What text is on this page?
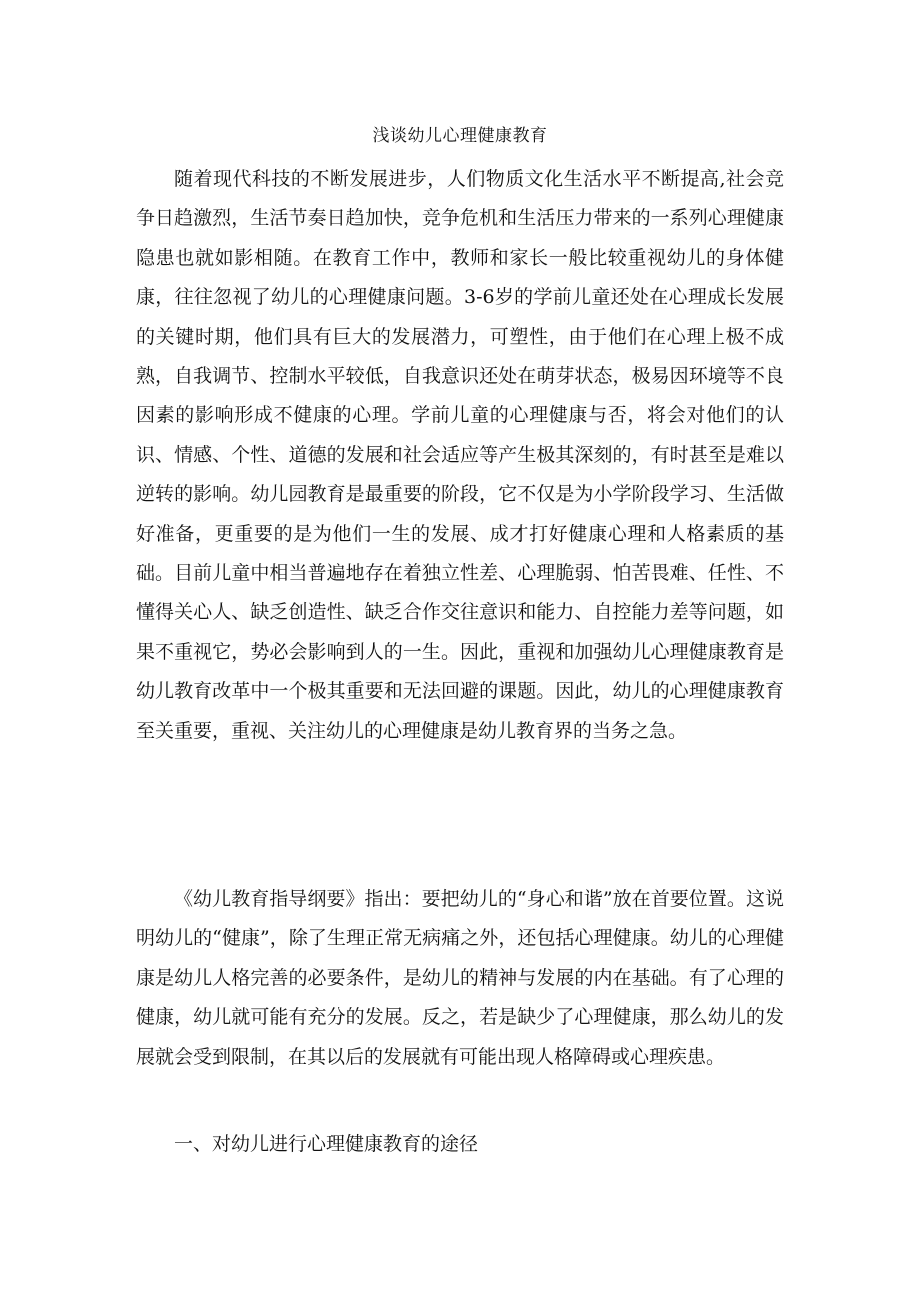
浅谈幼儿心理健康教育

随着现代科技的不断发展进步，人们物质文化生活水平不断提高,社会竞争日趋激烈，生活节奏日趋加快，竞争危机和生活压力带来的一系列心理健康隐患也就如影相随。在教育工作中，教师和家长一般比较重视幼儿的身体健康，往往忽视了幼儿的心理健康问题。3-6岁的学前儿童还处在心理成长发展的关键时期，他们具有巨大的发展潜力，可塑性，由于他们在心理上极不成熟，自我调节、控制水平较低，自我意识还处在萌芽状态，极易因环境等不良因素的影响形成不健康的心理。学前儿童的心理健康与否，将会对他们的认识、情感、个性、道德的发展和社会适应等产生极其深刻的，有时甚至是难以逆转的影响。幼儿园教育是最重要的阶段，它不仅是为小学阶段学习、生活做好准备，更重要的是为他们一生的发展、成才打好健康心理和人格素质的基础。目前儿童中相当普遍地存在着独立性差、心理脆弱、怕苦畏难、任性、不懂得关心人、缺乏创造性、缺乏合作交往意识和能力、自控能力差等问题，如果不重视它，势必会影响到人的一生。因此，重视和加强幼儿心理健康教育是幼儿教育改革中一个极其重要和无法回避的课题。因此，幼儿的心理健康教育至关重要，重视、关注幼儿的心理健康是幼儿教育界的当务之急。

《幼儿教育指导纲要》指出：要把幼儿的“身心和谐”放在首要位置。这说明幼儿的“健康”，除了生理正常无病痛之外，还包括心理健康。幼儿的心理健康是幼儿人格完善的必要条件，是幼儿的精神与发展的内在基础。有了心理的健康，幼儿就可能有充分的发展。反之，若是缺少了心理健康，那么幼儿的发展就会受到限制，在其以后的发展就有可能出现人格障碍或心理疾患。

一、对幼儿进行心理健康教育的途径
